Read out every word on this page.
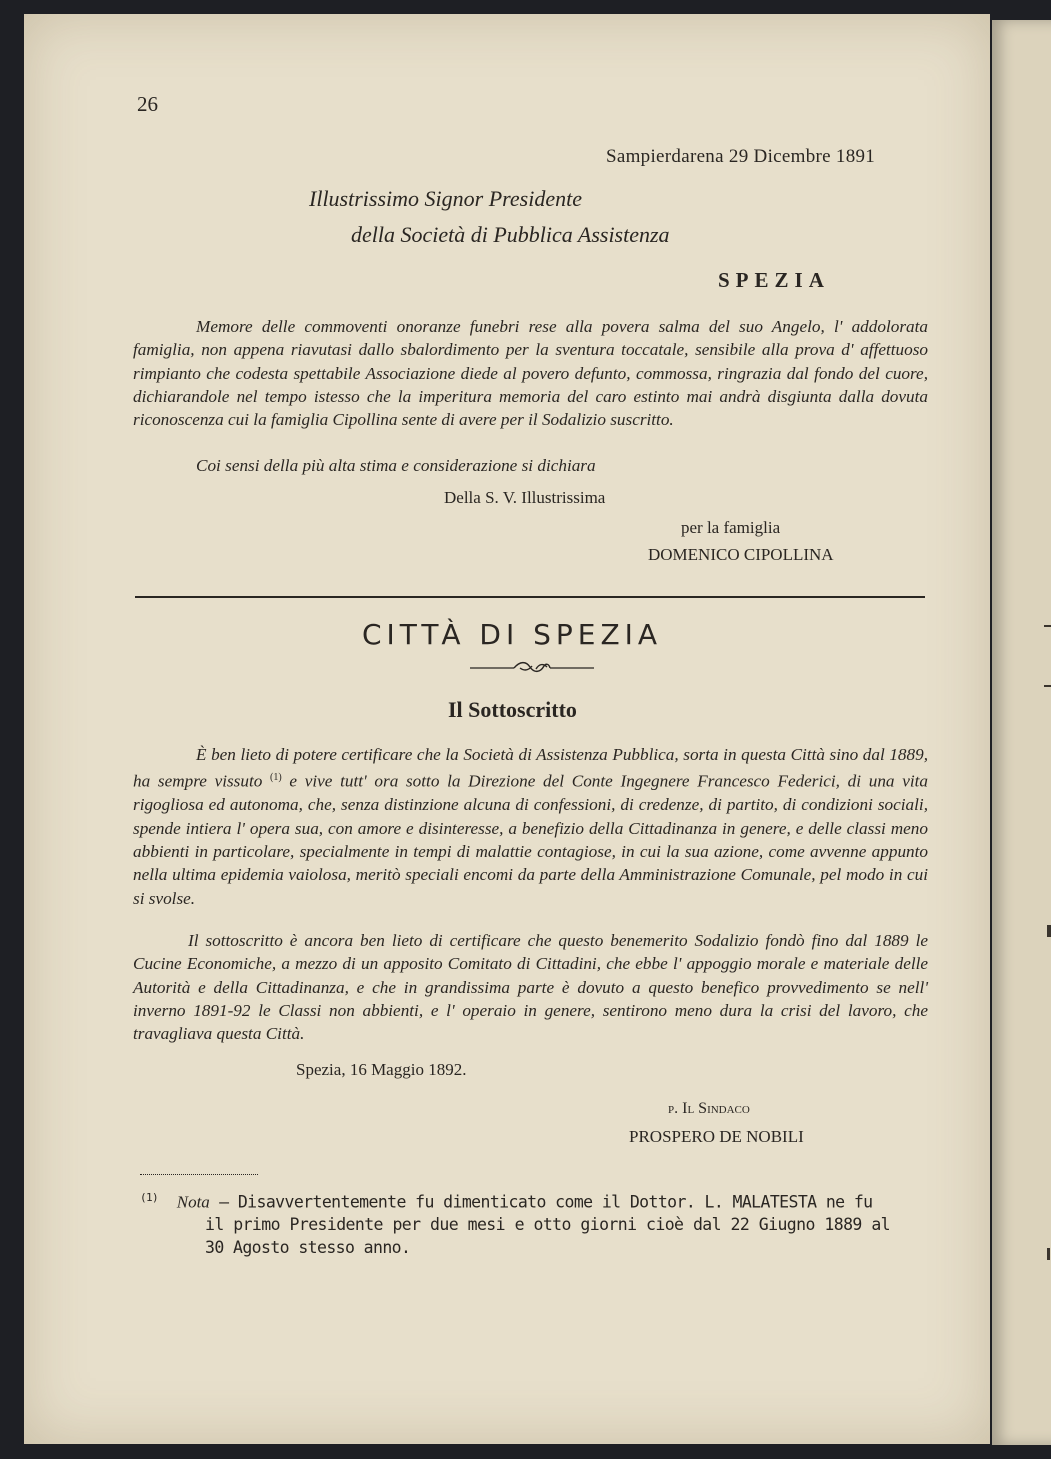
26
Sampierdarena 29 Dicembre 1891
Illustrissimo Signor Presidente
della Società di Pubblica Assistenza
SPEZIA
Memore delle commoventi onoranze funebri rese alla povera salma del suo Angelo, l' addolorata famiglia, non appena riavutasi dallo sbalordimento per la sventura toccatale, sensibile alla prova d' affettuoso rimpianto che codesta spettabile Associazione diede al povero defunto, commossa, ringrazia dal fondo del cuore, dichiarandole nel tempo istesso che la imperitura memoria del caro estinto mai andrà disgiunta dalla dovuta riconoscenza cui la famiglia Cipollina sente di avere per il Sodalizio suscritto.
Coi sensi della più alta stima e considerazione si dichiara
Della S. V. Illustrissima
per la famiglia
DOMENICO CIPOLLINA
CITTÀ DI SPEZIA
Il Sottoscritto
È ben lieto di potere certificare che la Società di Assistenza Pubblica, sorta in questa Città sino dal 1889, ha sempre vissuto $^{(1)}$ e vive tutt' ora sotto la Direzione del Conte Ingegnere Francesco Federici, di una vita rigogliosa ed autonoma, che, senza distinzione alcuna di confessioni, di credenze, di partito, di condizioni sociali, spende intiera l' opera sua, con amore e disinteresse, a benefizio della Cittadinanza in genere, e delle classi meno abbienti in particolare, specialmente in tempi di malattie contagiose, in cui la sua azione, come avvenne appunto nella ultima epidemia vaiolosa, meritò speciali encomi da parte della Amministrazione Comunale, pel modo in cui si svolse.
Il sottoscritto è ancora ben lieto di certificare che questo benemerito Sodalizio fondò fino dal 1889 le Cucine Economiche, a mezzo di un apposito Comitato di Cittadini, che ebbe l' appoggio morale e materiale delle Autorità e della Cittadinanza, e che in grandissima parte è dovuto a questo benefico provvedimento se nell' inverno 1891-92 le Classi non abbienti, e l' operaio in genere, sentirono meno dura la crisi del lavoro, che travagliava questa Città.
Spezia, 16 Maggio 1892.
p. Il Sindaco
PROSPERO DE NOBILI
$^{(1)}$ Nota — Disavvertentemente fu dimenticato come il Dottor. L. MALATESTA ne fu
il primo Presidente per due mesi e otto giorni cioè dal 22 Giugno 1889 al 30 Agosto stesso anno.
